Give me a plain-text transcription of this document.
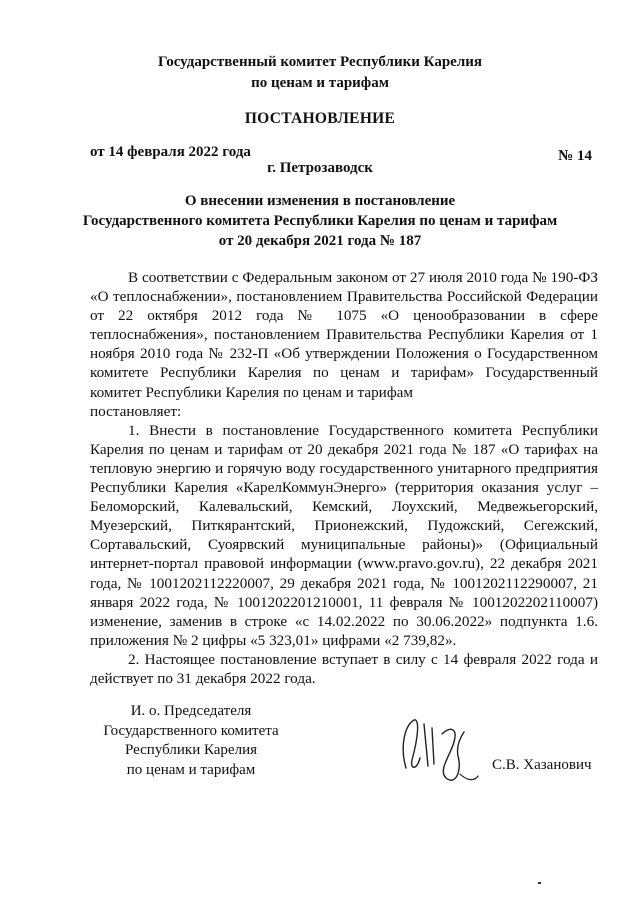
Государственный комитет Республики Карелия
по ценам и тарифам
ПОСТАНОВЛЕНИЕ
от 14 февраля 2022 года	№ 14
г. Петрозаводск
О внесении изменения в постановление
Государственного комитета Республики Карелия по ценам и тарифам
от 20 декабря 2021 года № 187

В соответствии с Федеральным законом от 27 июля 2010 года № 190-ФЗ «О теплоснабжении», постановлением Правительства Российской Федерации от 22 октября 2012 года № 1075 «О ценообразовании в сфере теплоснабжения», постановлением Правительства Республики Карелия от 1 ноября 2010 года № 232-П «Об утверждении Положения о Государственном комитете Республики Карелия по ценам и тарифам» Государственный комитет Республики Карелия по ценам и тарифам

постановляет:

1. Внести в постановление Государственного комитета Республики Карелия по ценам и тарифам от 20 декабря 2021 года № 187 «О тарифах на тепловую энергию и горячую воду государственного унитарного предприятия Республики Карелия «КарелКоммунЭнерго» (территория оказания услуг – Беломорский, Калевальский, Кемский, Лоухский, Медвежьегорский, Муезерский, Питкярантский, Прионежский, Пудожский, Сегежский, Сортавальский, Суоярвский муниципальные районы)» (Официальный интернет-портал правовой информации (www.pravo.gov.ru), 22 декабря 2021 года, № 1001202112220007, 29 декабря 2021 года, № 1001202112290007, 21 января 2022 года, № 1001202201210001, 11 февраля № 1001202202110007) изменение, заменив в строке «с 14.02.2022 по 30.06.2022» подпункта 1.6. приложения № 2 цифры «5 323,01» цифрами «2 739,82».

2. Настоящее постановление вступает в силу с 14 февраля 2022 года и действует по 31 декабря 2022 года.

И. о. Председателя
Государственного комитета
Республики Карелия
по ценам и тарифам	С.В. Хазанович
